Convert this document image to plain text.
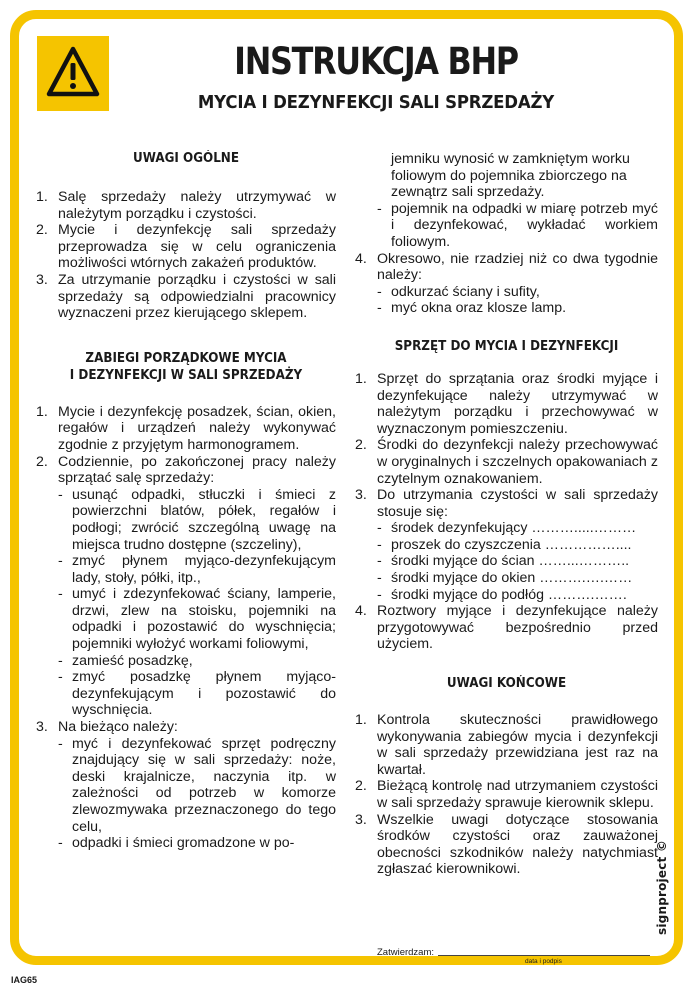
INSTRUKCJA BHP
MYCIA I DEZYNFEKCJI SALI SPRZEDAŻY
UWAGI OGÓLNE
1. Salę sprzedaży należy utrzymywać w należytym porządku i czystości.
2. Mycie i dezynfekcję sali sprzedaży przeprowadza się w celu ograniczenia możliwości wtórnych zakażeń produktów.
3. Za utrzymanie porządku i czystości w sali sprzedaży są odpowiedzialni pracownicy wyznaczeni przez kierującego sklepem.
ZABIEGI PORZĄDKOWE MYCIA
I DEZYNFEKCJI W SALI SPRZEDAŻY
1. Mycie i dezynfekcję posadzek, ścian, okien, regałów i urządzeń należy wykonywać zgodnie z przyjętym harmonogramem.
2. Codziennie, po zakończonej pracy należy sprzątać salę sprzedaży:
- usunąć odpadki, stłuczki i śmieci z powierzchni blatów, półek, regałów i podłogi; zwrócić szczególną uwagę na miejsca trudno dostępne (szczeliny),
- zmyć płynem myjąco-dezynfekującym lady, stoły, półki, itp.,
- umyć i zdezynfekować ściany, lamperie, drzwi, zlew na stoisku, pojemniki na odpadki i pozostawić do wyschnięcia; pojemniki wyłożyć workami foliowymi,
- zamieść posadzkę,
- zmyć posadzkę płynem myjąco-dezynfekującym i pozostawić do wyschnięcia.
3. Na bieżąco należy:
- myć i dezynfekować sprzęt podręczny znajdujący się w sali sprzedaży: noże, deski krajalnicze, naczynia itp. w zależności od potrzeb w komorze zlewozmywaka przeznaczonego do tego celu,
- odpadki i śmieci gromadzone w po-
jemniku wynosić w zamkniętym worku
foliowym do pojemnika zbiorczego na
zewnątrz sali sprzedaży.
- pojemnik na odpadki w miarę potrzeb myć i dezynfekować, wykładać workiem foliowym.
4. Okresowo, nie rzadziej niż co dwa tygodnie należy:
- odkurzać ściany i sufity,
- myć okna oraz klosze lamp.
SPRZĘT DO MYCIA I DEZYNFEKCJI
1. Sprzęt do sprzątania oraz środki myjące i dezynfekujące należy utrzymywać w należytym porządku i przechowywać w wyznaczonym pomieszczeniu.
2. Środki do dezynfekcji należy przechowywać w oryginalnych i szczelnych opakowaniach z czytelnym oznakowaniem.
3. Do utrzymania czystości w sali sprzedaży stosuje się:
- środek dezynfekujący ……….....………
- proszek do czyszczenia ……………....
- środki myjące do ścian ……...………..
- środki myjące do okien ……….….……
- środki myjące do podłóg ……….…….
4. Roztwory myjące i dezynfekujące należy przygotowywać bezpośrednio przed użyciem.
UWAGI KOŃCOWE
1. Kontrola skuteczności prawidłowego wykonywania zabiegów mycia i dezynfekcji w sali sprzedaży przewidziana jest raz na kwartał.
2. Bieżącą kontrolę nad utrzymaniem czystości w sali sprzedaży sprawuje kierownik sklepu.
3. Wszelkie uwagi dotyczące stosowania środków czystości oraz zauważonej obecności szkodników należy natychmiast zgłaszać kierownikowi.	signproject ©
Zatwierdzam:
data i podpis
IAG65
